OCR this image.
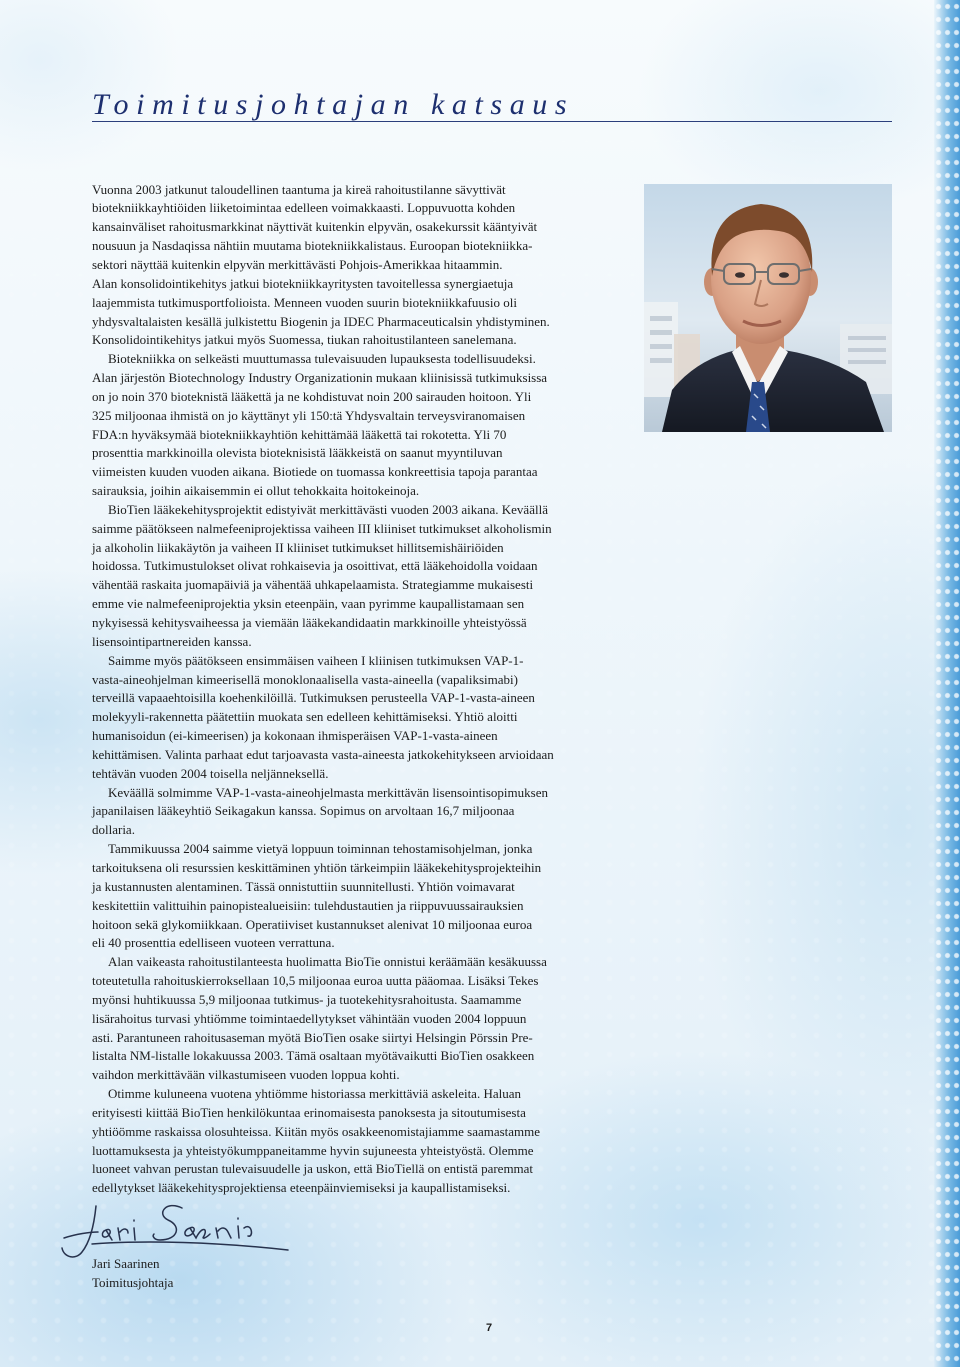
Toimitusjohtajan katsaus
Vuonna 2003 jatkunut taloudellinen taantuma ja kireä rahoitustilanne sävyttivät
biotekniikkayhtiöiden liiketoimintaa edelleen voimakkaasti. Loppuvuotta kohden
kansainväliset rahoitusmarkkinat näyttivät kuitenkin elpyvän, osakekurssit kääntyivät
nousuun ja Nasdaqissa nähtiin muutama biotekniikkalistaus. Euroopan biotekniikka-
sektori näyttää kuitenkin elpyvän merkittävästi Pohjois-Amerikkaa hitaammin.
Alan konsolidointikehitys jatkui biotekniikkayritysten tavoitellessa synergiaetuja
laajemmista tutkimusportfolioista. Menneen vuoden suurin biotekniikkafuusio oli
yhdysvaltalaisten kesällä julkistettu Biogenin ja IDEC Pharmaceuticalsin yhdistyminen.
Konsolidointikehitys jatkui myös Suomessa, tiukan rahoitustilanteen sanelemana.
Biotekniikka on selkeästi muuttumassa tulevaisuuden lupauksesta todellisuudeksi.
Alan järjestön Biotechnology Industry Organizationin mukaan kliinisissä tutkimuksissa
on jo noin 370 bioteknistä lääkettä ja ne kohdistuvat noin 200 sairauden hoitoon. Yli
325 miljoonaa ihmistä on jo käyttänyt yli 150:tä Yhdysvaltain terveysviranomaisen
FDA:n hyväksymää biotekniikkayhtiön kehittämää lääkettä tai rokotetta. Yli 70
prosenttia markkinoilla olevista bioteknisistä lääkkeistä on saanut myyntiluvan
viimeisten kuuden vuoden aikana. Biotiede on tuomassa konkreettisia tapoja parantaa
sairauksia, joihin aikaisemmin ei ollut tehokkaita hoitokeinoja.
BioTien lääkekehitysprojektit edistyivät merkittävästi vuoden 2003 aikana. Keväällä
saimme päätökseen nalmefeeniprojektissa vaiheen III kliiniset tutkimukset alkoholismin
ja alkoholin liikakäytön ja vaiheen II kliiniset tutkimukset hillitsemishäiriöiden
hoidossa. Tutkimustulokset olivat rohkaisevia ja osoittivat, että lääkehoidolla voidaan
vähentää raskaita juomapäiviä ja vähentää uhkapelaamista. Strategiamme mukaisesti
emme vie nalmefeeniprojektia yksin eteenpäin, vaan pyrimme kaupallistamaan sen
nykyisessä kehitysvaiheessa ja viemään lääkekandidaatin markkinoille yhteistyössä
lisensointipartnereiden kanssa.
Saimme myös päätökseen ensimmäisen vaiheen I kliinisen tutkimuksen VAP-1-
vasta-aineohjelman kimeerisellä monoklonaalisella vasta-aineella (vapaliksimabi)
terveillä vapaaehtoisilla koehenkilöillä. Tutkimuksen perusteella VAP-1-vasta-aineen
molekyyli-rakennetta päätettiin muokata sen edelleen kehittämiseksi. Yhtiö aloitti
humanisoidun (ei-kimeerisen) ja kokonaan ihmisperäisen VAP-1-vasta-aineen
kehittämisen. Valinta parhaat edut tarjoavasta vasta-aineesta jatkokehitykseen arvioidaan
tehtävän vuoden 2004 toisella neljänneksellä.
Keväällä solmimme VAP-1-vasta-aineohjelmasta merkittävän lisensointisopimuksen
japanilaisen lääkeyhtiö Seikagakun kanssa. Sopimus on arvoltaan 16,7 miljoonaa
dollaria.
Tammikuussa 2004 saimme vietyä loppuun toiminnan tehostamisohjelman, jonka
tarkoituksena oli resurssien keskittäminen yhtiön tärkeimpiin lääkekehitysprojekteihin
ja kustannusten alentaminen. Tässä onnistuttiin suunnitellusti. Yhtiön voimavarat
keskitettiin valittuihin painopistealueisiin: tulehdustautien ja riippuvuussairauksien
hoitoon sekä glykomiikkaan. Operatiiviset kustannukset alenivat 10 miljoonaa euroa
eli 40 prosenttia edelliseen vuoteen verrattuna.
Alan vaikeasta rahoitustilanteesta huolimatta BioTie onnistui keräämään kesäkuussa
toteutetulla rahoituskierroksellaan 10,5 miljoonaa euroa uutta pääomaa. Lisäksi Tekes
myönsi huhtikuussa 5,9 miljoonaa tutkimus- ja tuotekehitysrahoitusta. Saamamme
lisärahoitus turvasi yhtiömme toimintaedellytykset vähintään vuoden 2004 loppuun
asti. Parantuneen rahoitusaseman myötä BioTien osake siirtyi Helsingin Pörssin Pre-
listalta NM-listalle lokakuussa 2003. Tämä osaltaan myötävaikutti BioTien osakkeen
vaihdon merkittävään vilkastumiseen vuoden loppua kohti.
Otimme kuluneena vuotena yhtiömme historiassa merkittäviä askeleita. Haluan
erityisesti kiittää BioTien henkilökuntaa erinomaisesta panoksesta ja sitoutumisesta
yhtiöömme raskaissa olosuhteissa. Kiitän myös osakkeenomistajiamme saamastamme
luottamuksesta ja yhteistyökumppaneitamme hyvin sujuneesta yhteistyöstä. Olemme
luoneet vahvan perustan tulevaisuudelle ja uskon, että BioTiellä on entistä paremmat
edellytykset lääkekehitysprojektiensa eteenpäinviemiseksi ja kaupallistamiseksi.
Jari Saarinen
Toimitusjohtaja
7
